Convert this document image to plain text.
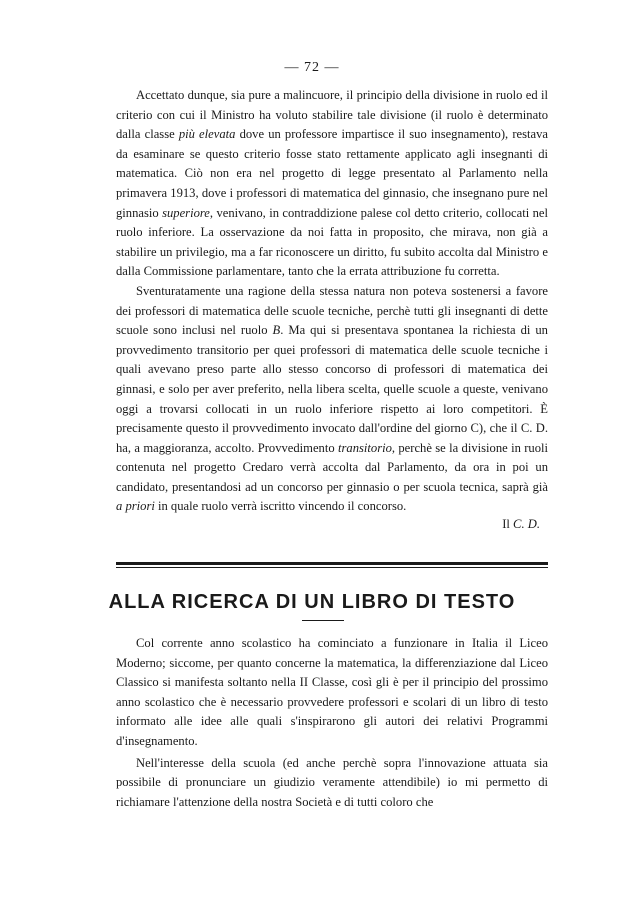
— 72 —

Accettato dunque, sia pure a malincuore, il principio della divisione in ruolo ed il criterio con cui il Ministro ha voluto stabilire tale divisione (il ruolo è determinato dalla classe più elevata dove un professore impartisce il suo insegnamento), restava da esaminare se questo criterio fosse stato rettamente applicato agli insegnanti di matematica. Ciò non era nel progetto di legge presentato al Parlamento nella primavera 1913, dove i professori di matematica del ginnasio, che insegnano pure nel ginnasio superiore, venivano, in contraddizione palese col detto criterio, collocati nel ruolo inferiore. La osservazione da noi fatta in proposito, che mirava, non già a stabilire un privilegio, ma a far riconoscere un diritto, fu subito accolta dal Ministro e dalla Commissione parlamentare, tanto che la errata attribuzione fu corretta.

Sventuratamente una ragione della stessa natura non poteva sostenersi a favore dei professori di matematica delle scuole tecniche, perchè tutti gli insegnanti di dette scuole sono inclusi nel ruolo B. Ma qui si presentava spontanea la richiesta di un provvedimento transitorio per quei professori di matematica delle scuole tecniche i quali avevano preso parte allo stesso concorso di professori di matematica dei ginnasi, e solo per aver preferito, nella libera scelta, quelle scuole a queste, venivano oggi a trovarsi collocati in un ruolo inferiore rispetto ai loro competitori. È precisamente questo il provvedimento invocato dall'ordine del giorno C), che il C. D. ha, a maggioranza, accolto. Provvedimento transitorio, perchè se la divisione in ruoli contenuta nel progetto Credaro verrà accolta dal Parlamento, da ora in poi un candidato, presentandosi ad un concorso per ginnasio o per scuola tecnica, saprà già a priori in quale ruolo verrà iscritto vincendo il concorso.

Il C. D.
ALLA RICERCA DI UN LIBRO DI TESTO

Col corrente anno scolastico ha cominciato a funzionare in Italia il Liceo Moderno; siccome, per quanto concerne la matematica, la differenziazione dal Liceo Classico si manifesta soltanto nella II Classe, così gli è per il principio del prossimo anno scolastico che è necessario provvedere professori e scolari di un libro di testo informato alle idee alle quali s'inspirarono gli autori dei relativi Programmi d'insegnamento.

Nell'interesse della scuola (ed anche perchè sopra l'innovazione attuata sia possibile di pronunciare un giudizio veramente attendibile) io mi permetto di richiamare l'attenzione della nostra Società e di tutti coloro che
